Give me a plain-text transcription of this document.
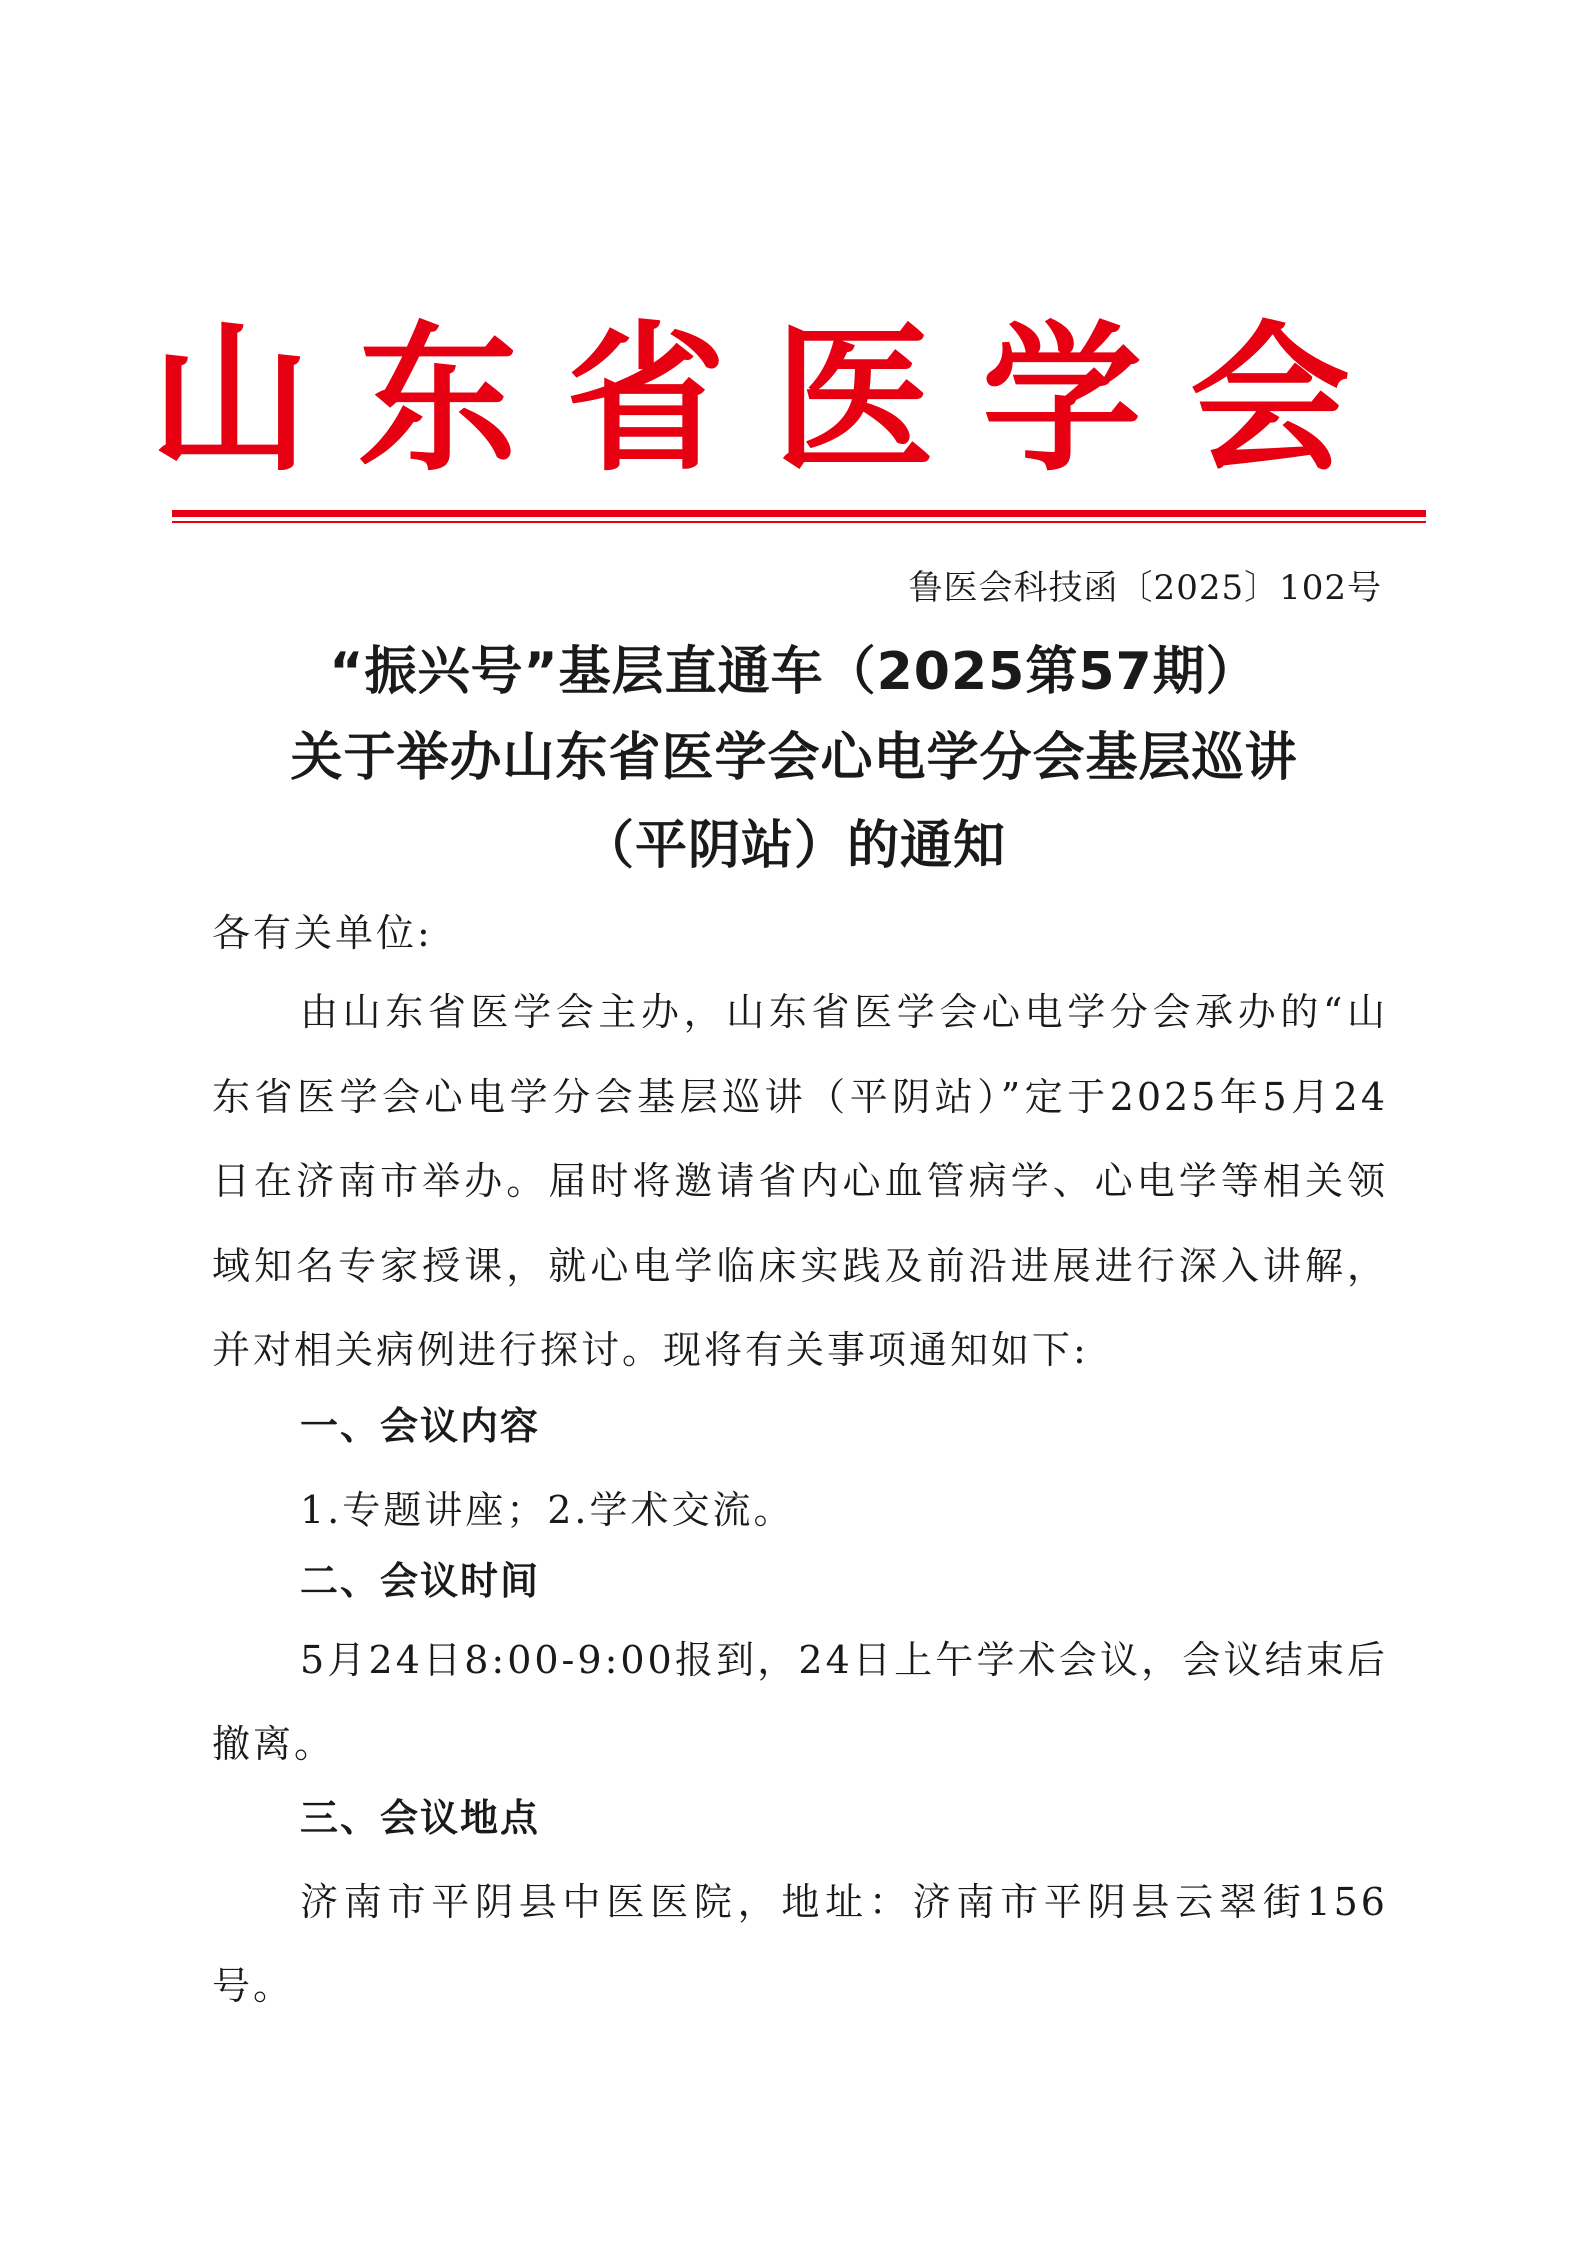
山 东 省 医 学 会
鲁医会科技函〔2025〕102号
“振兴号”基层直通车（2025第57期）
关于举办山东省医学会心电学分会基层巡讲
（平阴站）的通知
各有关单位:

由山东省医学会主办，山东省医学会心电学分会承办的“山东省医学会心电学分会基层巡讲（平阴站）”定于2025年5月24日在济南市举办。届时将邀请省内心血管病学、心电学等相关领域知名专家授课，就心电学临床实践及前沿进展进行深入讲解，并对相关病例进行探讨。现将有关事项通知如下:

一、会议内容

1.专题讲座；2.学术交流。

二、会议时间

5月24日8:00-9:00报到，24日上午学术会议，会议结束后撤离。

三、会议地点

济南市平阴县中医医院，地址：济南市平阴县云翠街156号。
